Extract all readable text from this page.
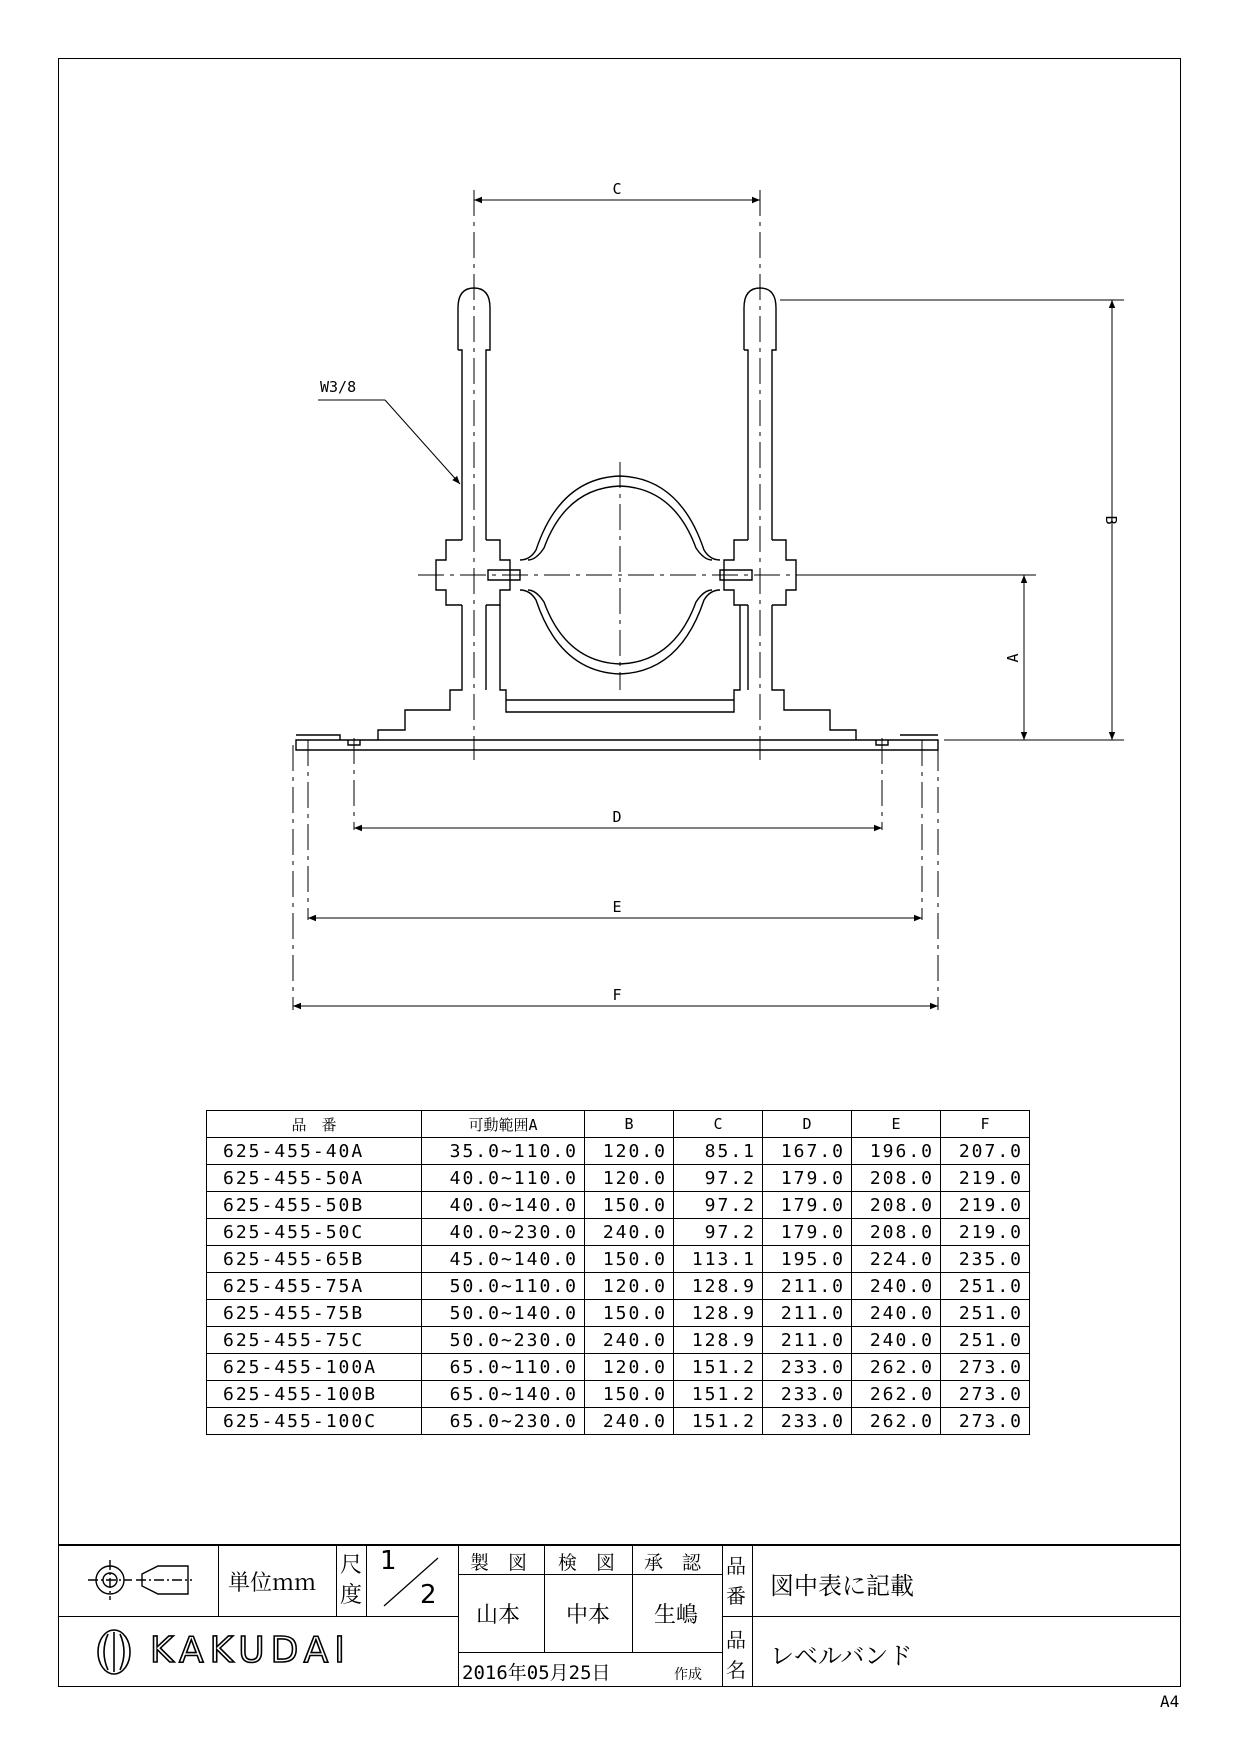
C
D
E
F
A
B
W3/8
品　番	可動範囲A	B	C	D	E	F
625-455-40A	35.0~110.0	120.0	85.1	167.0	196.0	207.0
625-455-50A	40.0~110.0	120.0	97.2	179.0	208.0	219.0
625-455-50B	40.0~140.0	150.0	97.2	179.0	208.0	219.0
625-455-50C	40.0~230.0	240.0	97.2	179.0	208.0	219.0
625-455-65B	45.0~140.0	150.0	113.1	195.0	224.0	235.0
625-455-75A	50.0~110.0	120.0	128.9	211.0	240.0	251.0
625-455-75B	50.0~140.0	150.0	128.9	211.0	240.0	251.0
625-455-75C	50.0~230.0	240.0	128.9	211.0	240.0	251.0
625-455-100A	65.0~110.0	120.0	151.2	233.0	262.0	273.0
625-455-100B	65.0~140.0	150.0	151.2	233.0	262.0	273.0
625-455-100C	65.0~230.0	240.0	151.2	233.0	262.0	273.0
単位ｍｍ
尺
度
1
2
製　図 検　図 承　認
山本 中本 生嶋
2016年05月25日	作成
品
番
品
名
図中表に記載
レベルバンド
KAKUDAI
A4
